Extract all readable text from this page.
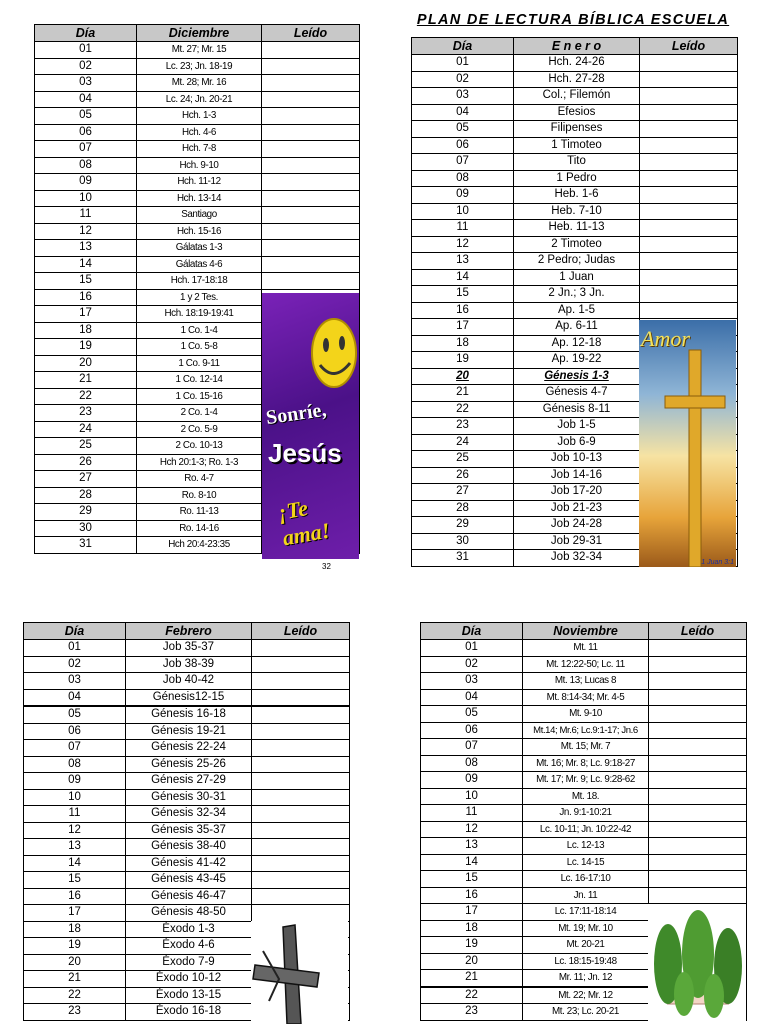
PLAN DE LECTURA BÍBLICA ESCUELA
Día	Diciembre	Leído
01	Mt. 27; Mr. 15	
02	Lc. 23; Jn. 18-19	
03	Mt. 28; Mr. 16	
04	Lc. 24; Jn. 20-21	
05	Hch. 1-3	
06	Hch. 4-6	
07	Hch. 7-8	
08	Hch. 9-10	
09	Hch. 11-12	
10	Hch. 13-14	
11	Santiago	
12	Hch. 15-16	
13	Gálatas 1-3	
14	Gálatas 4-6	
15	Hch. 17-18:18	
16	1 y 2 Tes.	
17	Hch. 18:19-19:41	
18	1 Co. 1-4	
19	1 Co. 5-8	
20	1 Co. 9-11	
21	1 Co. 12-14	
22	1 Co. 15-16	
23	2 Co. 1-4	
24	2 Co. 5-9	
25	2 Co. 10-13	
26	Hch 20:1-3; Ro. 1-3	
27	Ro. 4-7	
28	Ro. 8-10	
29	Ro. 11-13	
30	Ro. 14-16	
31	Hch 20:4-23:35	
Día	E n e r o	Leído
01	Hch. 24-26	
02	Hch. 27-28	
03	Col.; Filemón	
04	Efesios	
05	Filipenses	
06	1 Timoteo	
07	Tito	
08	1 Pedro	
09	Heb. 1-6	
10	Heb. 7-10	
11	Heb. 11-13	
12	2 Timoteo	
13	2 Pedro; Judas	
14	1 Juan	
15	2 Jn.; 3 Jn.	
16	Ap. 1-5	
17	Ap. 6-11	
18	Ap. 12-18	
19	Ap. 19-22	
20	Génesis 1-3	
21	Génesis 4-7	
22	Génesis 8-11	
23	Job 1-5	
24	Job 6-9	
25	Job 10-13	
26	Job 14-16	
27	Job 17-20	
28	Job 21-23	
29	Job 24-28	
30	Job 29-31	
31	Job 32-34	
Día	Febrero	Leído
01	Job 35-37	
02	Job 38-39	
03	Job 40-42	
04	Génesis12-15	
05	Génesis 16-18	
06	Génesis 19-21	
07	Génesis 22-24	
08	Génesis 25-26	
09	Génesis 27-29	
10	Génesis 30-31	
11	Génesis 32-34	
12	Génesis 35-37	
13	Génesis 38-40	
14	Génesis 41-42	
15	Génesis 43-45	
16	Génesis 46-47	
17	Génesis 48-50	
18	Éxodo 1-3	
19	Éxodo 4-6	
20	Éxodo 7-9	
21	Éxodo 10-12	
22	Éxodo 13-15	
23	Éxodo 16-18	
Día	Noviembre	Leído
01	Mt. 11	
02	Mt. 12:22-50; Lc. 11	
03	Mt. 13; Lucas 8	
04	Mt. 8:14-34; Mr. 4-5	
05	Mt. 9-10	
06	Mt.14; Mr.6; Lc.9:1-17; Jn.6	
07	Mt. 15; Mr. 7	
08	Mt. 16; Mr. 8; Lc. 9:18-27	
09	Mt. 17; Mr. 9; Lc. 9:28-62	
10	Mt. 18.	
11	Jn. 9:1-10:21	
12	Lc. 10-11; Jn. 10:22-42	
13	Lc. 12-13	
14	Lc. 14-15	
15	Lc. 16-17:10	
16	Jn. 11	
17	Lc. 17:11-18:14	
18	Mt. 19; Mr. 10	
19	Mt. 20-21	
20	Lc. 18:15-19:48	
21	Mr. 11; Jn. 12	
22	Mt. 22; Mr. 12	
23	Mt. 23; Lc. 20-21	
Sonríe,
Jesús
¡Te ama!
Amor
1 Juan 3:1
32
